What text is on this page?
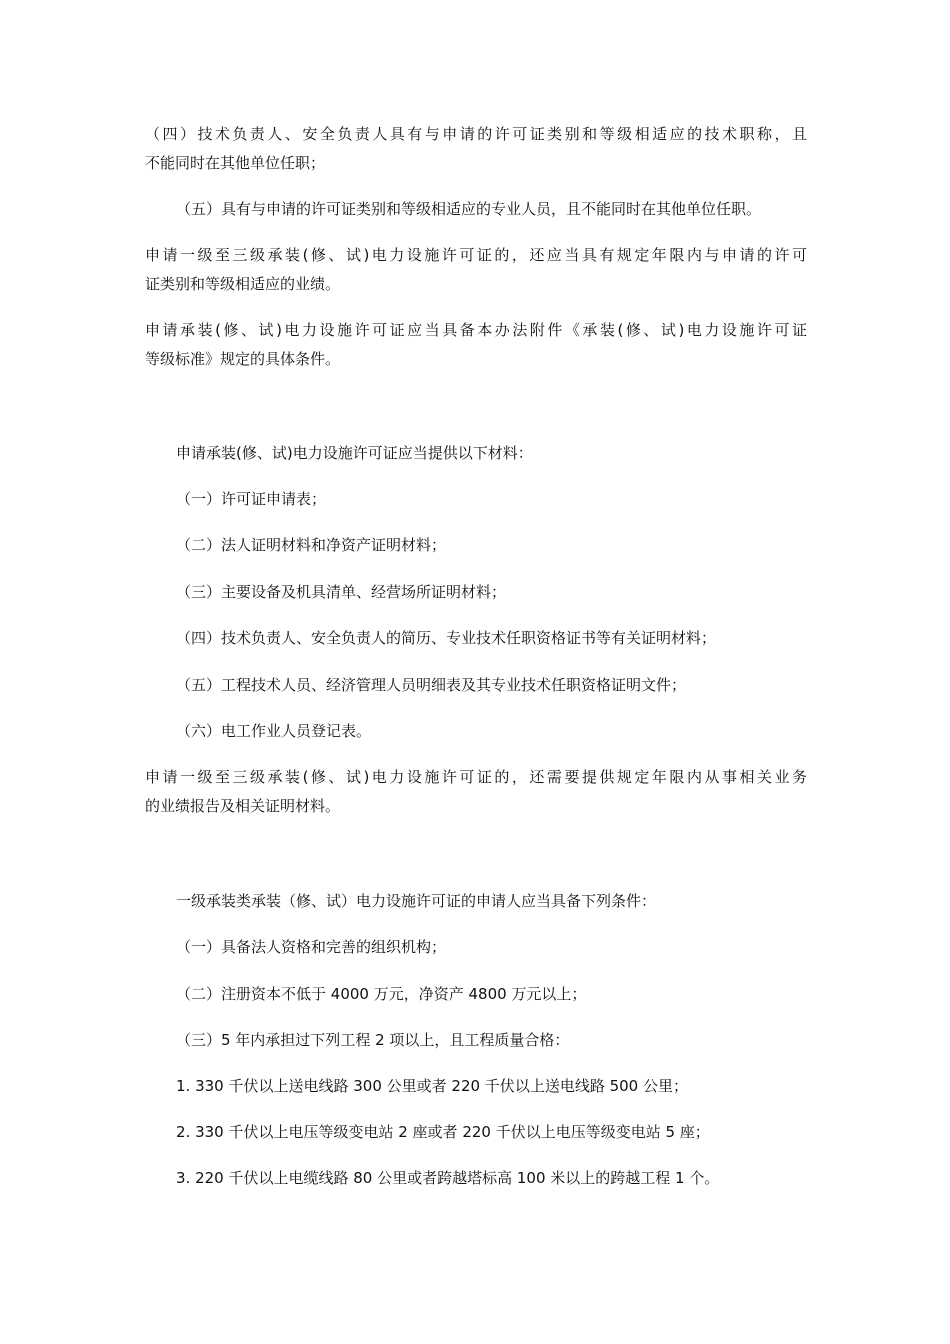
（四）技术负责人、安全负责人具有与申请的许可证类别和等级相适应的技术职称，且
不能同时在其他单位任职；
（五）具有与申请的许可证类别和等级相适应的专业人员，且不能同时在其他单位任职。
申请一级至三级承装(修、试)电力设施许可证的，还应当具有规定年限内与申请的许可
证类别和等级相适应的业绩。
申请承装(修、试)电力设施许可证应当具备本办法附件《承装(修、试)电力设施许可证
等级标准》规定的具体条件。
申请承装(修、试)电力设施许可证应当提供以下材料：
（一）许可证申请表；
（二）法人证明材料和净资产证明材料；
（三）主要设备及机具清单、经营场所证明材料；
（四）技术负责人、安全负责人的简历、专业技术任职资格证书等有关证明材料；
（五）工程技术人员、经济管理人员明细表及其专业技术任职资格证明文件；
（六）电工作业人员登记表。
申请一级至三级承装(修、试)电力设施许可证的，还需要提供规定年限内从事相关业务
的业绩报告及相关证明材料。
一级承装类承装（修、试）电力设施许可证的申请人应当具备下列条件：
（一）具备法人资格和完善的组织机构；
（二）注册资本不低于 4000 万元，净资产 4800 万元以上；
（三）5 年内承担过下列工程 2 项以上，且工程质量合格：
1. 330 千伏以上送电线路 300 公里或者 220 千伏以上送电线路 500 公里；
2. 330 千伏以上电压等级变电站 2 座或者 220 千伏以上电压等级变电站 5 座；
3. 220 千伏以上电缆线路 80 公里或者跨越塔标高 100 米以上的跨越工程 1 个。
